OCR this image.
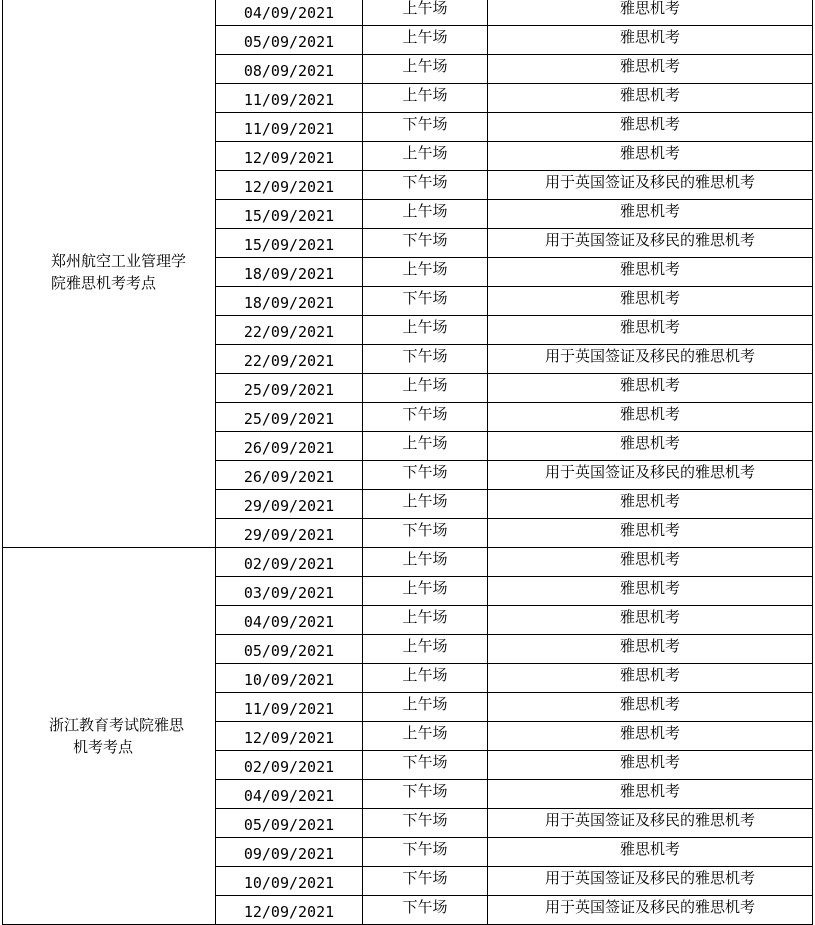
郑州航空工业管理学
院雅思机考考点	04/09/2021	上午场	雅思机考
	05/09/2021	上午场	雅思机考
	08/09/2021	上午场	雅思机考
	11/09/2021	上午场	雅思机考
	11/09/2021	下午场	雅思机考
	12/09/2021	上午场	雅思机考
	12/09/2021	下午场	用于英国签证及移民的雅思机考
	15/09/2021	上午场	雅思机考
	15/09/2021	下午场	用于英国签证及移民的雅思机考
	18/09/2021	上午场	雅思机考
	18/09/2021	下午场	雅思机考
	22/09/2021	上午场	雅思机考
	22/09/2021	下午场	用于英国签证及移民的雅思机考
	25/09/2021	上午场	雅思机考
	25/09/2021	下午场	雅思机考
	26/09/2021	上午场	雅思机考
	26/09/2021	下午场	用于英国签证及移民的雅思机考
	29/09/2021	上午场	雅思机考
	29/09/2021	下午场	雅思机考

浙江教育考试院雅思
机考考点	02/09/2021	上午场	雅思机考
	03/09/2021	上午场	雅思机考
	04/09/2021	上午场	雅思机考
	05/09/2021	上午场	雅思机考
	10/09/2021	上午场	雅思机考
	11/09/2021	上午场	雅思机考
	12/09/2021	上午场	雅思机考
	02/09/2021	下午场	雅思机考
	04/09/2021	下午场	雅思机考
	05/09/2021	下午场	用于英国签证及移民的雅思机考
	09/09/2021	下午场	雅思机考
	10/09/2021	下午场	用于英国签证及移民的雅思机考
	12/09/2021	下午场	用于英国签证及移民的雅思机考
